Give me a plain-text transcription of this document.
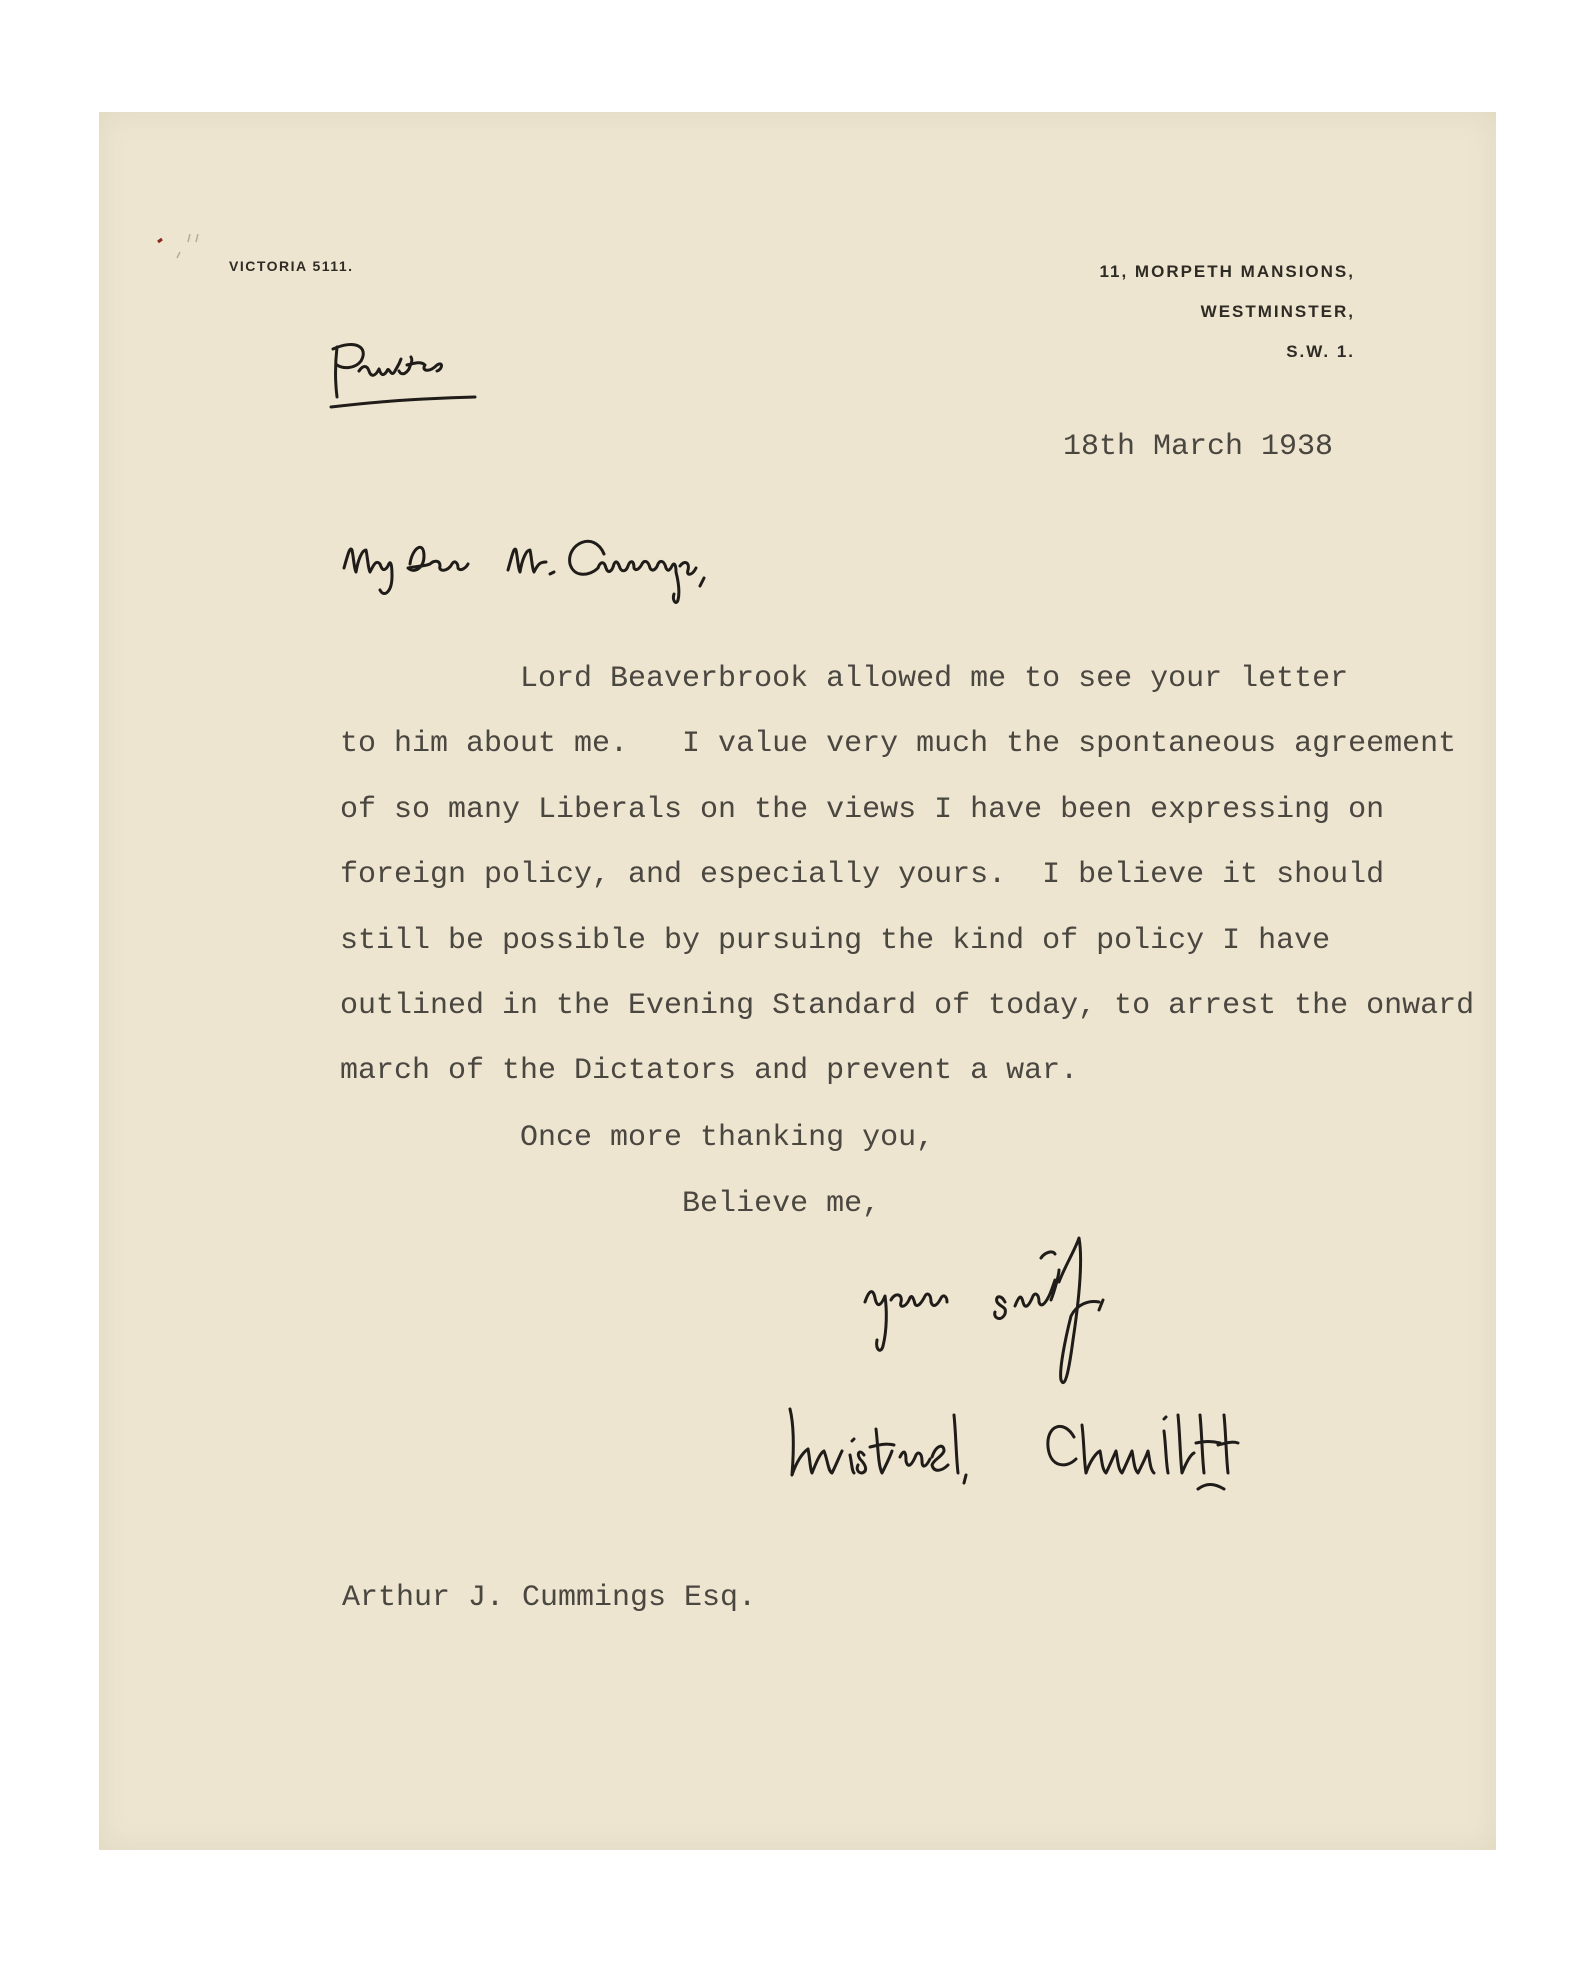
VICTORIA 5111.	11, MORPETH MANSIONS,
WESTMINSTER,
S.W. 1.
18th March 1938
Lord Beaverbrook allowed me to see your letter
to him about me.   I value very much the spontaneous agreement
of so many Liberals on the views I have been expressing on
foreign policy, and especially yours.  I believe it should
still be possible by pursuing the kind of policy I have
outlined in the Evening Standard of today, to arrest the onward
march of the Dictators and prevent a war.
Once more thanking you,
Believe me,
Arthur J. Cummings Esq.
